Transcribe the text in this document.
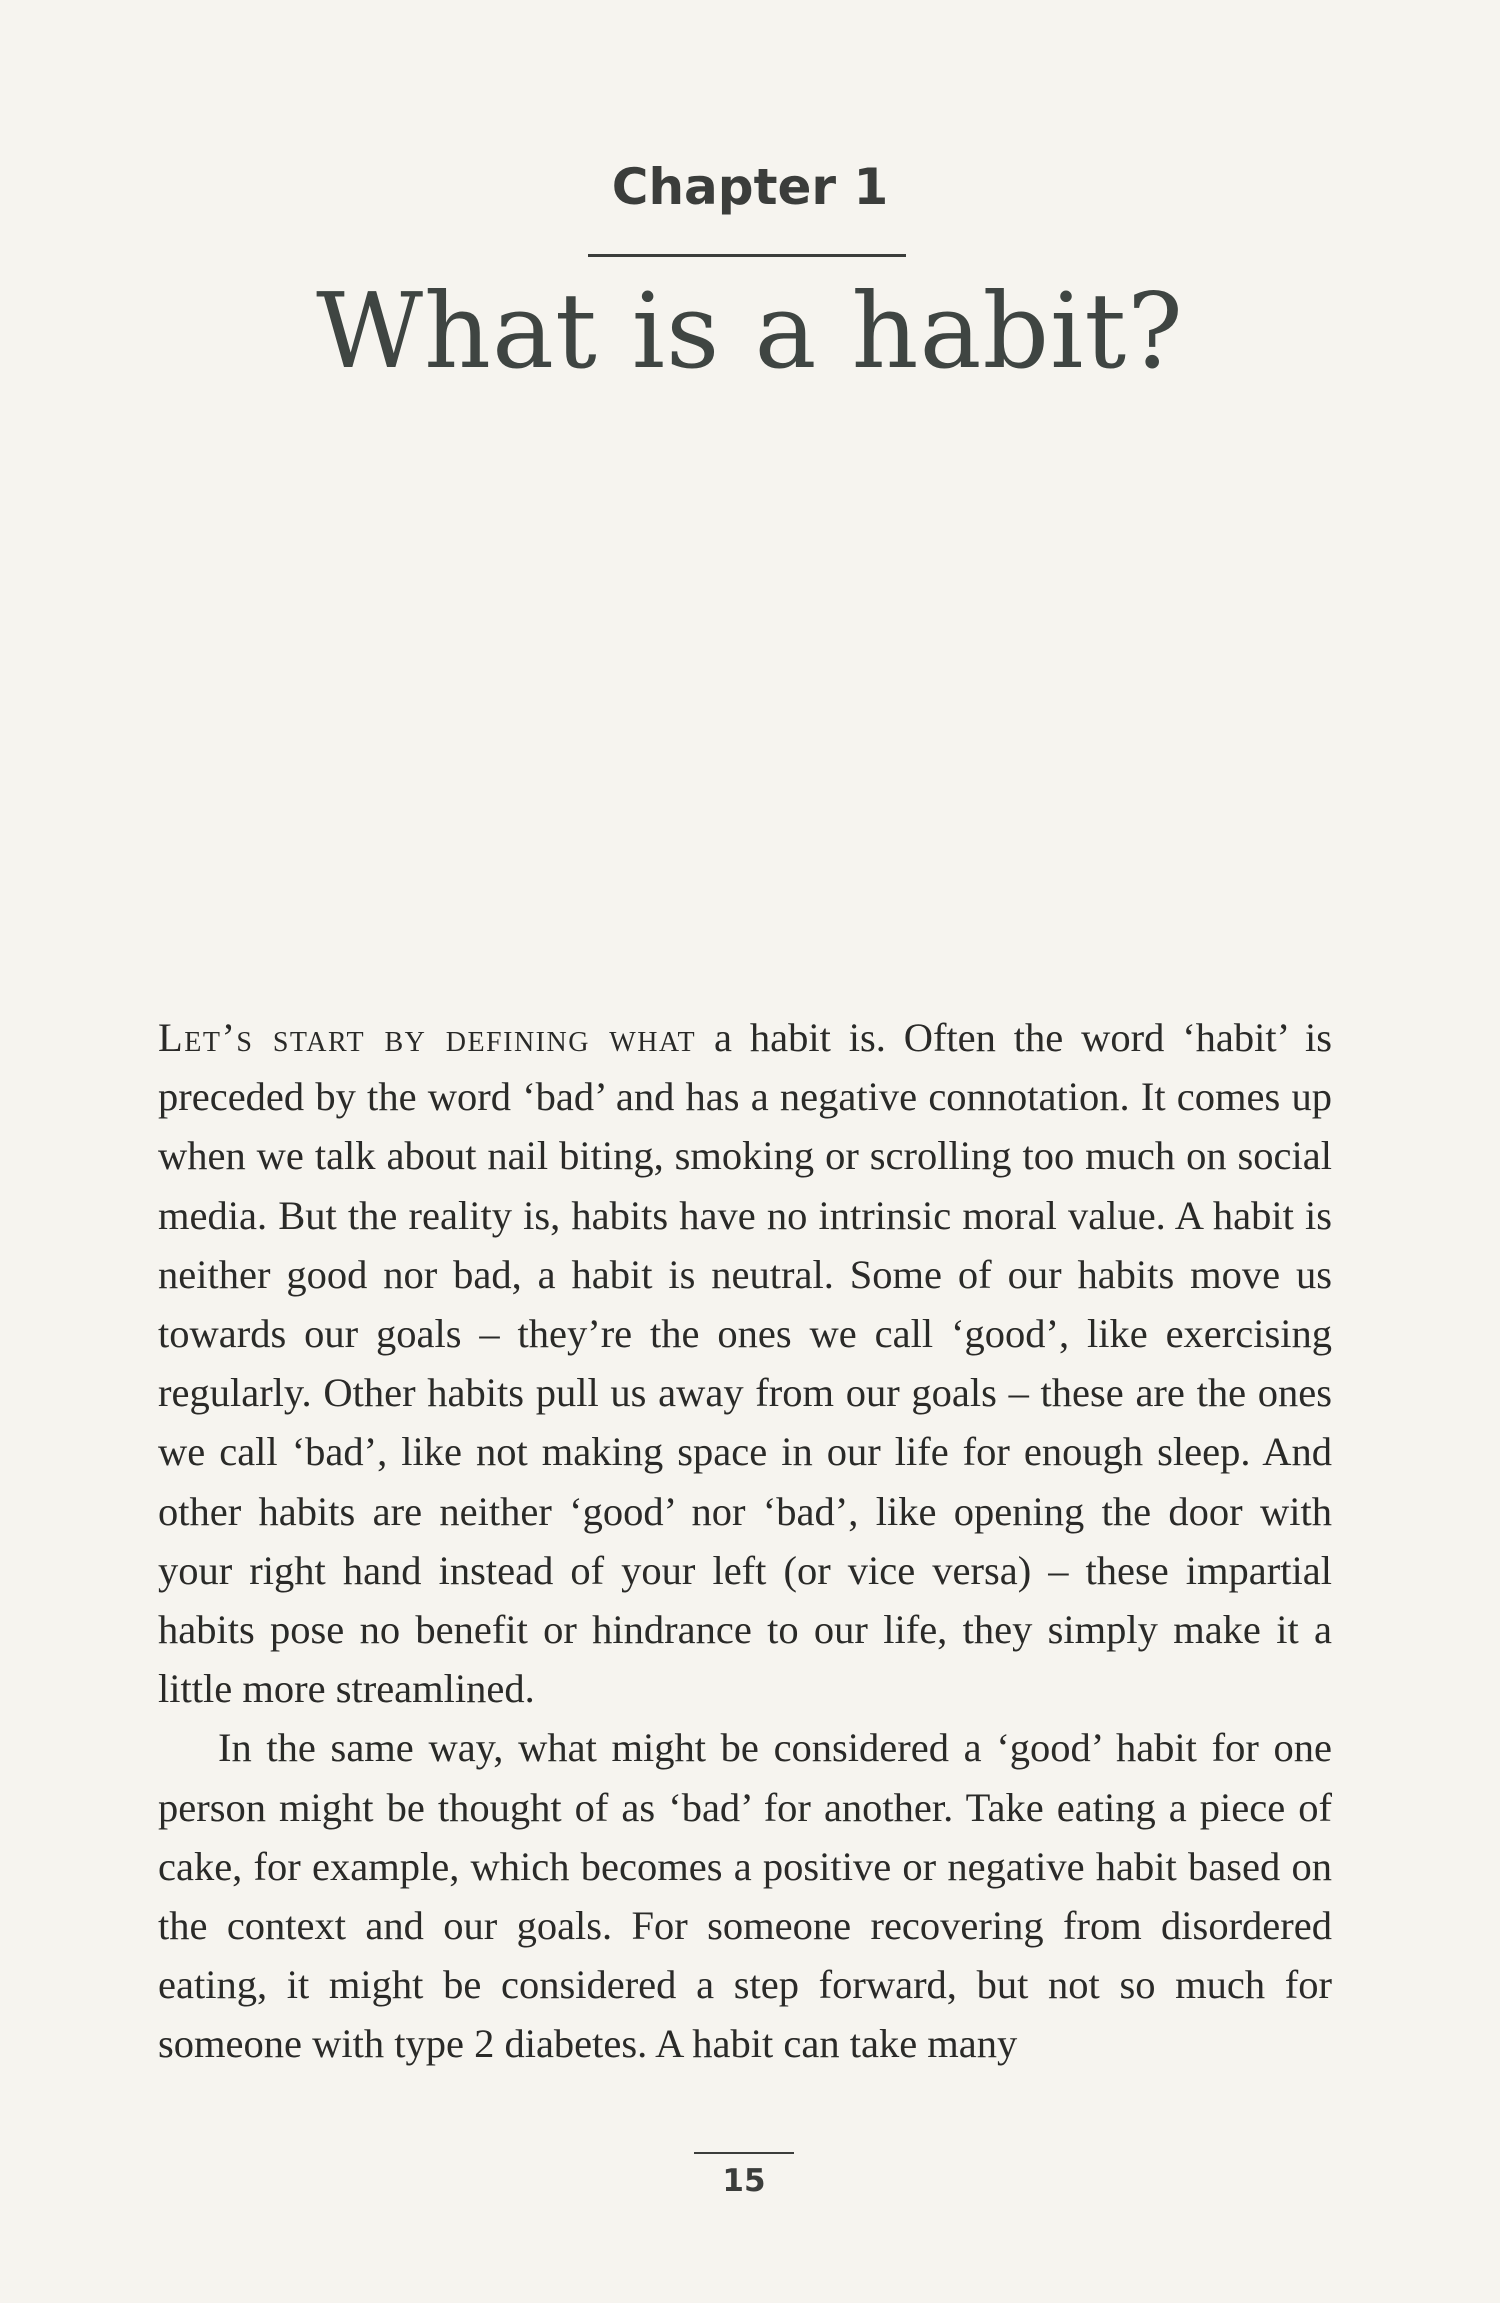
Chapter 1
What is a habit?

Let’s start by defining what a habit is. Often the word ‘habit’ is preceded by the word ‘bad’ and has a negative connotation. It comes up when we talk about nail biting, smoking or scrolling too much on social media. But the reality is, habits have no intrinsic moral value. A habit is neither good nor bad, a habit is neutral. Some of our habits move us towards our goals – they’re the ones we call ‘good’, like exercising regularly. Other habits pull us away from our goals – these are the ones we call ‘bad’, like not making space in our life for enough sleep. And other habits are neither ‘good’ nor ‘bad’, like opening the door with your right hand instead of your left (or vice versa) – these impartial habits pose no benefit or hindrance to our life, they simply make it a little more streamlined.

In the same way, what might be considered a ‘good’ habit for one person might be thought of as ‘bad’ for another. Take eating a piece of cake, for example, which becomes a positive or negative habit based on the context and our goals. For someone recovering from disordered eating, it might be considered a step forward, but not so much for someone with type 2 diabetes. A habit can take many

15
